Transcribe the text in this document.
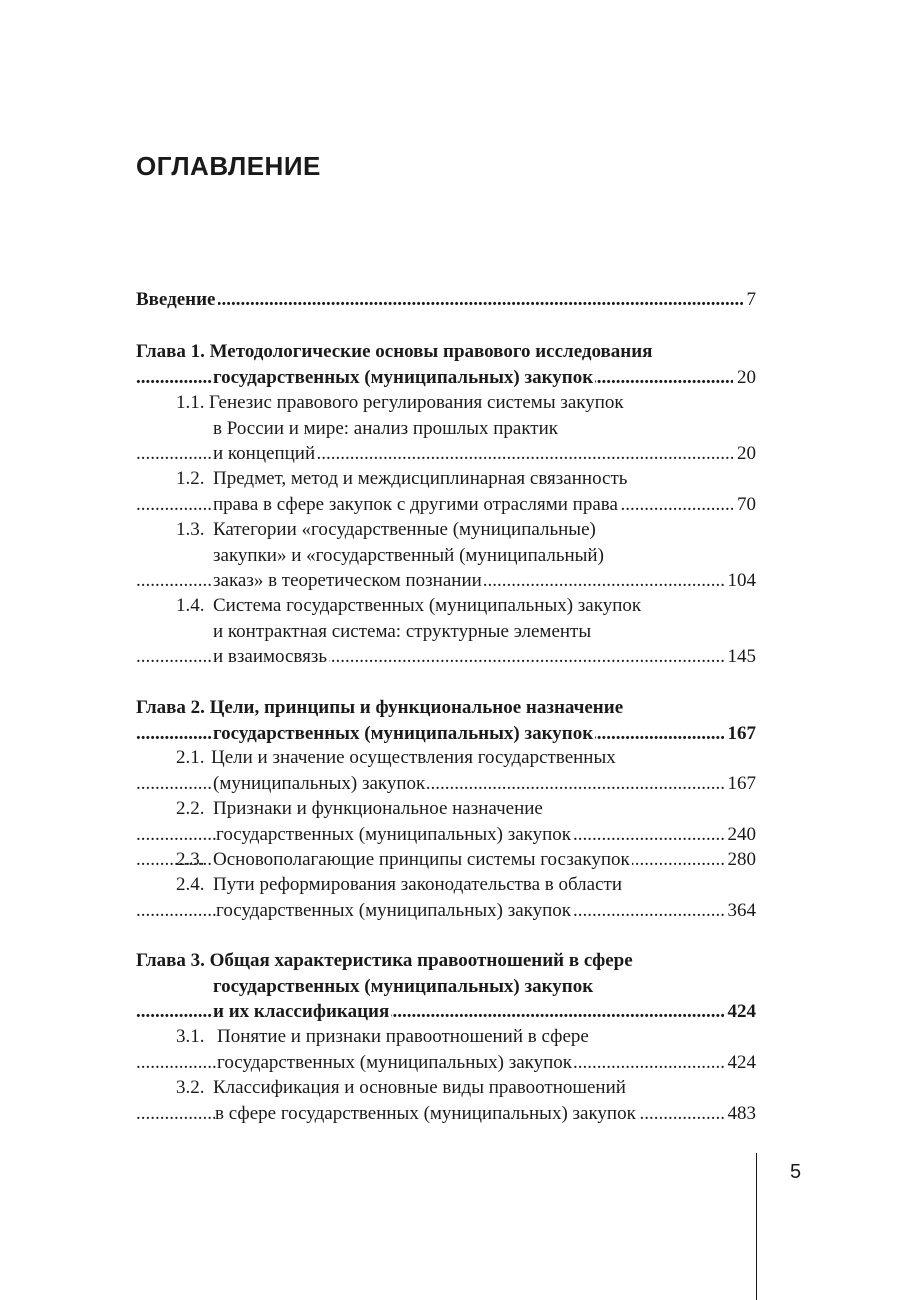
ОГЛАВЛЕНИЕ
..... Введение	7
Глава 1. Методологические основы правового исследования
..... государственных (муниципальных) закупок	20
1.1. Генезис правового регулирования системы закупок
в России и мире: анализ прошлых практик
..... и концепций	20
1.2. Предмет, метод и междисциплинарная связанность
..... права в сфере закупок с другими отраслями права	70
1.3. Категории «государственные (муниципальные)
закупки» и «государственный (муниципальный)
..... заказ» в теоретическом познании	104
1.4. Система государственных (муниципальных) закупок
и контрактная система: структурные элементы
..... и взаимосвязь	145
Глава 2. Цели, принципы и функциональное назначение
..... государственных (муниципальных) закупок	167
2.1. Цели и значение осуществления государственных
..... (муниципальных) закупок	167
2.2. Признаки и функциональное назначение
..... государственных (муниципальных) закупок	240
2.3. ..... Основополагающие принципы системы госзакупок	280
2.4. Пути реформирования законодательства в области
..... государственных (муниципальных) закупок	364
Глава 3. Общая характеристика правоотношений в сфере
государственных (муниципальных) закупок
..... и их классификация	424
3.1. Понятие и признаки правоотношений в сфере
..... государственных (муниципальных) закупок	424
3.2. Классификация и основные виды правоотношений
..... в сфере государственных (муниципальных) закупок	483
5
